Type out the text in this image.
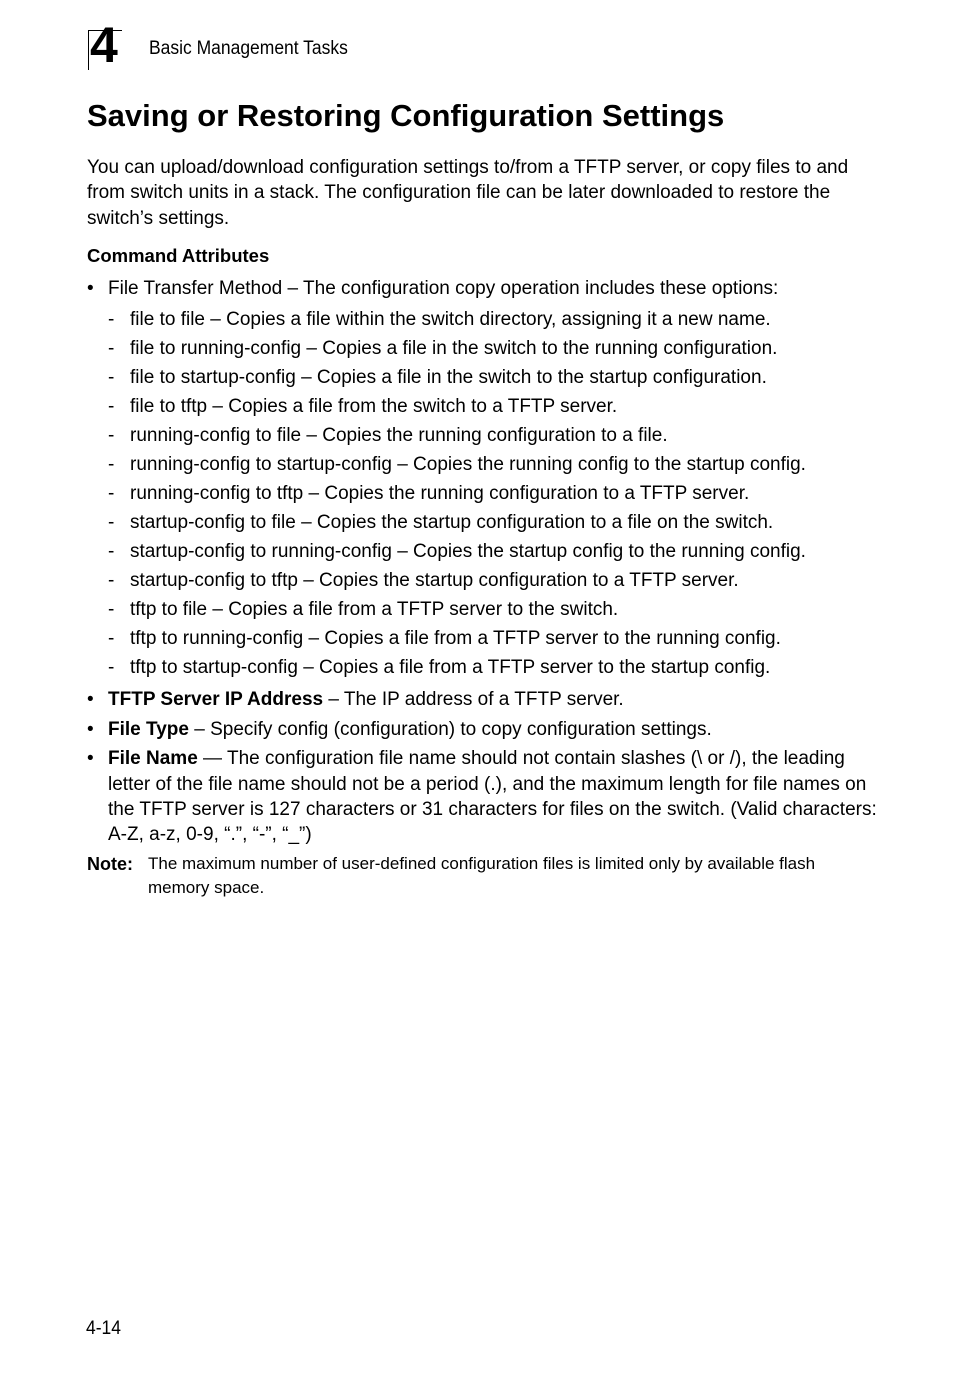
4 Basic Management Tasks
Saving or Restoring Configuration Settings

You can upload/download configuration settings to/from a TFTP server, or copy files to and from switch units in a stack. The configuration file can be later downloaded to restore the switch’s settings.

Command Attributes
• File Transfer Method – The configuration copy operation includes these options:
- file to file – Copies a file within the switch directory, assigning it a new name.
- file to running-config – Copies a file in the switch to the running configuration.
- file to startup-config – Copies a file in the switch to the startup configuration.
- file to tftp – Copies a file from the switch to a TFTP server.
- running-config to file – Copies the running configuration to a file.
- running-config to startup-config – Copies the running config to the startup config.
- running-config to tftp – Copies the running configuration to a TFTP server.
- startup-config to file – Copies the startup configuration to a file on the switch.
- startup-config to running-config – Copies the startup config to the running config.
- startup-config to tftp – Copies the startup configuration to a TFTP server.
- tftp to file – Copies a file from a TFTP server to the switch.
- tftp to running-config – Copies a file from a TFTP server to the running config.
- tftp to startup-config – Copies a file from a TFTP server to the startup config.
• TFTP Server IP Address – The IP address of a TFTP server.
• File Type – Specify config (configuration) to copy configuration settings.
• File Name — The configuration file name should not contain slashes (\ or /), the leading letter of the file name should not be a period (.), and the maximum length for file names on the TFTP server is 127 characters or 31 characters for files on the switch. (Valid characters: A-Z, a-z, 0-9, “.”, “-”, “_”)
Note: The maximum number of user-defined configuration files is limited only by available flash memory space.
4-14
